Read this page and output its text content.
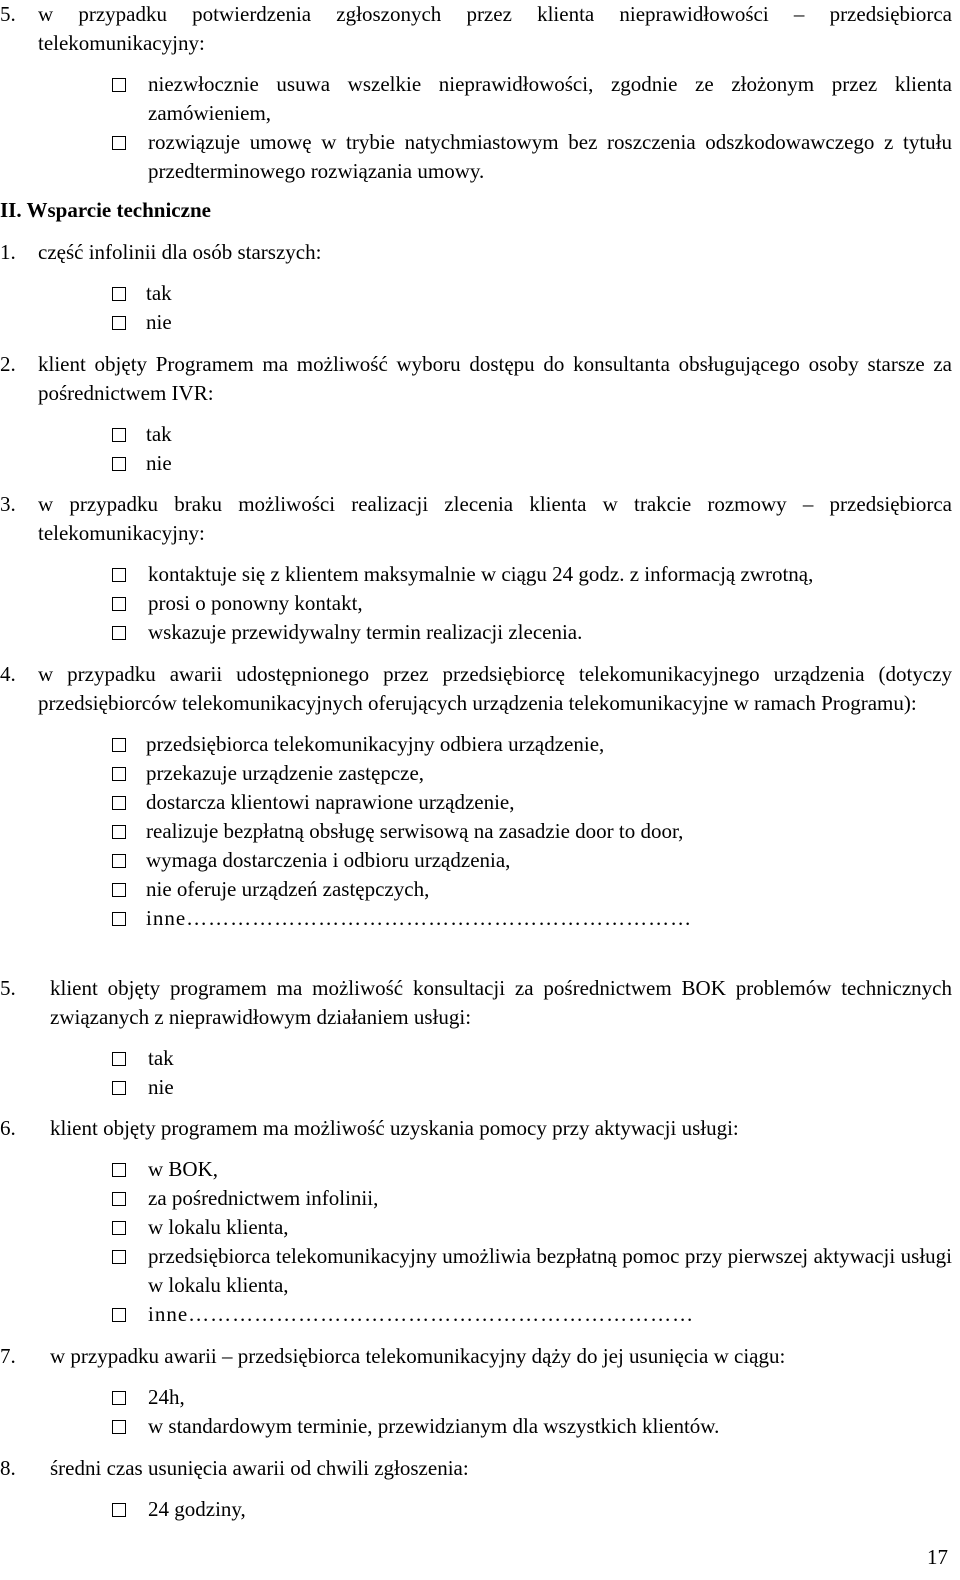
5.	w przypadku potwierdzenia zgłoszonych przez klienta nieprawidłowości – przedsiębiorca telekomunikacyjny:
niezwłocznie usuwa wszelkie nieprawidłowości, zgodnie ze złożonym przez klienta zamówieniem,
rozwiązuje umowę w trybie natychmiastowym bez roszczenia odszkodowawczego z tytułu przedterminowego rozwiązania umowy.
II. Wsparcie techniczne
1.	część infolinii dla osób starszych:
tak
nie
2.	klient objęty Programem ma możliwość wyboru dostępu do konsultanta obsługującego osoby starsze za pośrednictwem IVR:
tak
nie
3.	w przypadku braku możliwości realizacji zlecenia klienta w trakcie rozmowy – przedsiębiorca telekomunikacyjny:
kontaktuje się z klientem maksymalnie w ciągu 24 godz. z informacją zwrotną,
prosi o ponowny kontakt,
wskazuje przewidywalny termin realizacji zlecenia.
4.	w przypadku awarii udostępnionego przez przedsiębiorcę telekomunikacyjnego urządzenia (dotyczy przedsiębiorców telekomunikacyjnych oferujących urządzenia telekomunikacyjne w ramach Programu):
przedsiębiorca telekomunikacyjny odbiera urządzenie,
przekazuje urządzenie zastępcze,
dostarcza klientowi naprawione urządzenie,
realizuje bezpłatną obsługę serwisową na zasadzie door to door,
wymaga dostarczenia i odbioru urządzenia,
nie oferuje urządzeń zastępczych,
inne……………………………………………………………
5.	klient objęty programem ma możliwość konsultacji za pośrednictwem BOK problemów technicznych związanych z nieprawidłowym działaniem usługi:
tak
nie
6.	klient objęty programem ma możliwość uzyskania pomocy przy aktywacji usługi:
w BOK,
za pośrednictwem infolinii,
w lokalu klienta,
przedsiębiorca telekomunikacyjny umożliwia bezpłatną pomoc przy pierwszej aktywacji usługi w lokalu klienta,
inne……………………………………………………………
7.	w przypadku awarii – przedsiębiorca telekomunikacyjny dąży do jej usunięcia w ciągu:
24h,
w standardowym terminie, przewidzianym dla wszystkich klientów.
8.	średni czas usunięcia awarii od chwili zgłoszenia:
24 godziny,
17
